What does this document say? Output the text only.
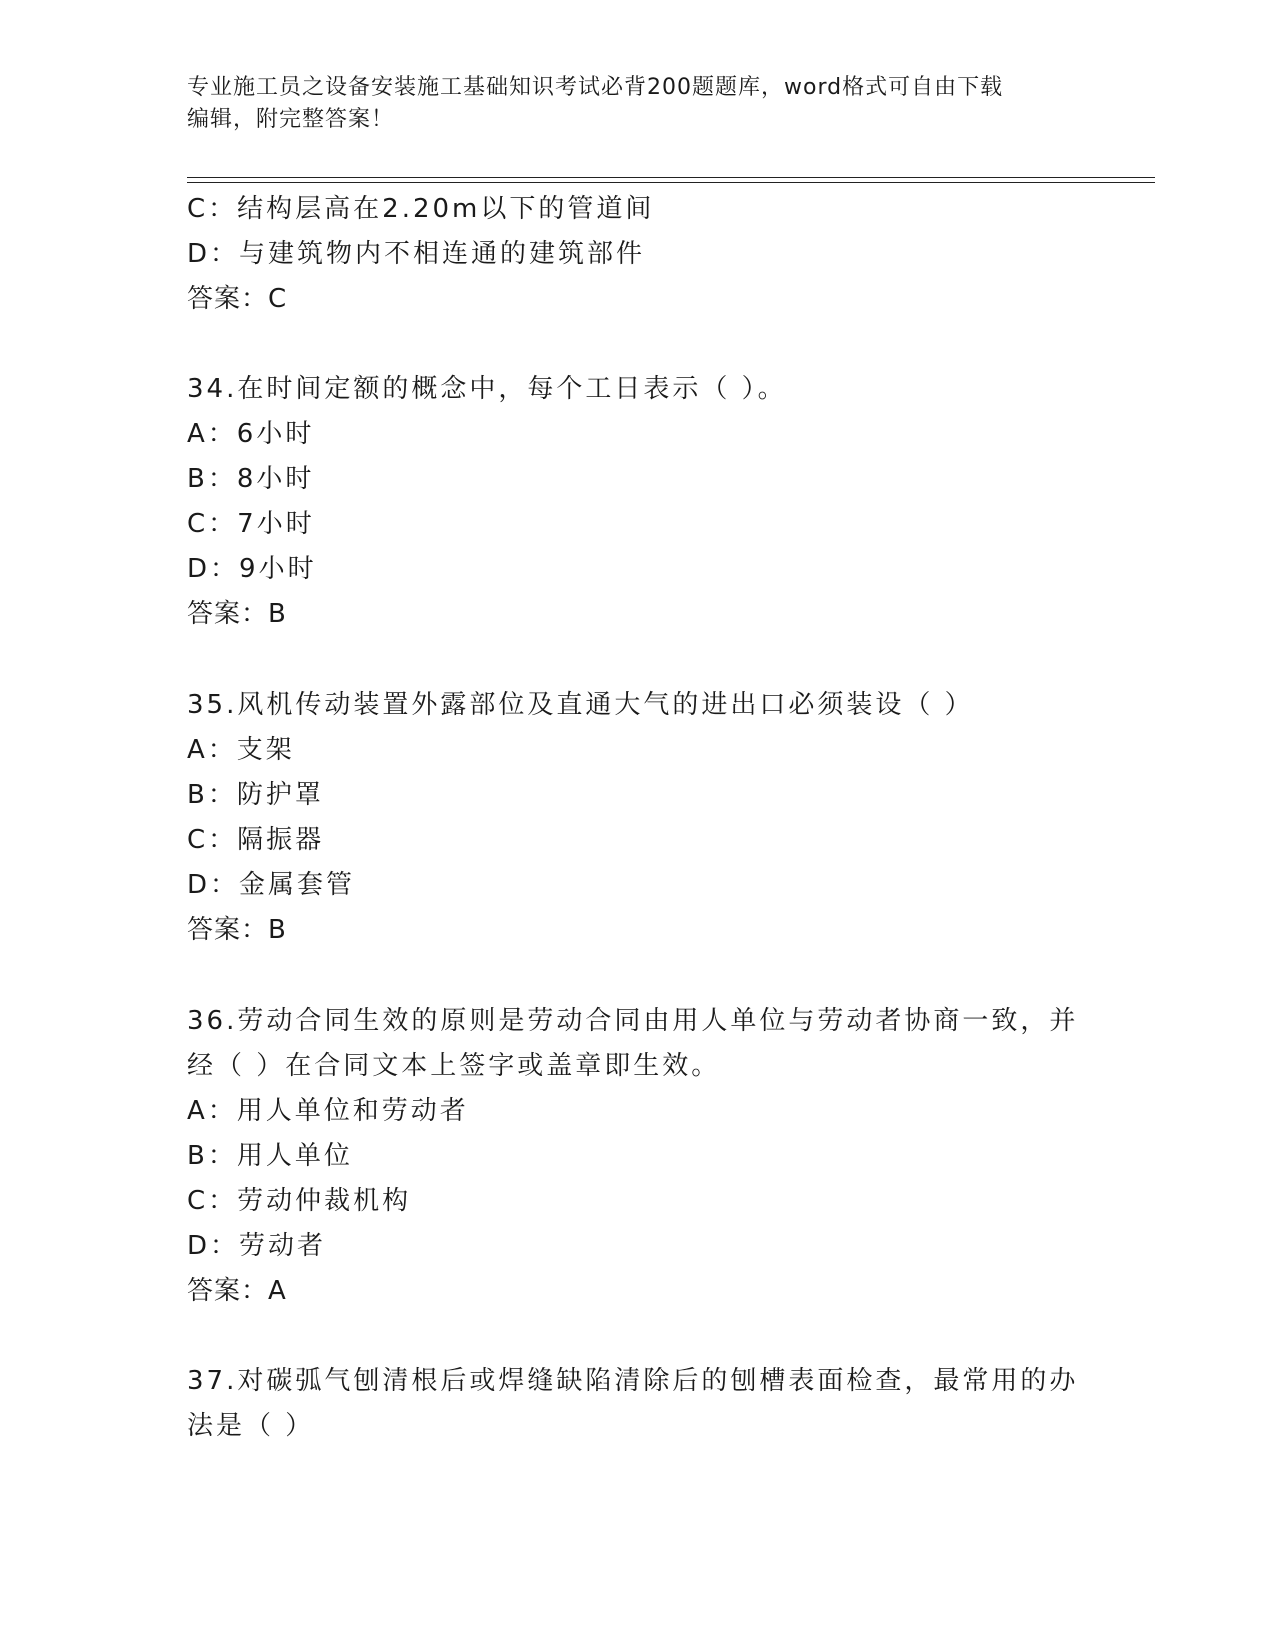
专业施工员之设备安装施工基础知识考试必背200题题库，word格式可自由下载
编辑，附完整答案！
C：结构层高在2.20m以下的管道间
D：与建筑物内不相连通的建筑部件
答案：C
34.在时间定额的概念中，每个工日表示（ ）。
A：6小时
B：8小时
C：7小时
D：9小时
答案：B
35.风机传动装置外露部位及直通大气的进出口必须装设（ ）
A：支架
B：防护罩
C：隔振器
D：金属套管
答案：B
36.劳动合同生效的原则是劳动合同由用人单位与劳动者协商一致，并
经（ ）在合同文本上签字或盖章即生效。
A：用人单位和劳动者
B：用人单位
C：劳动仲裁机构
D：劳动者
答案：A
37.对碳弧气刨清根后或焊缝缺陷清除后的刨槽表面检查，最常用的办
法是（ ）
